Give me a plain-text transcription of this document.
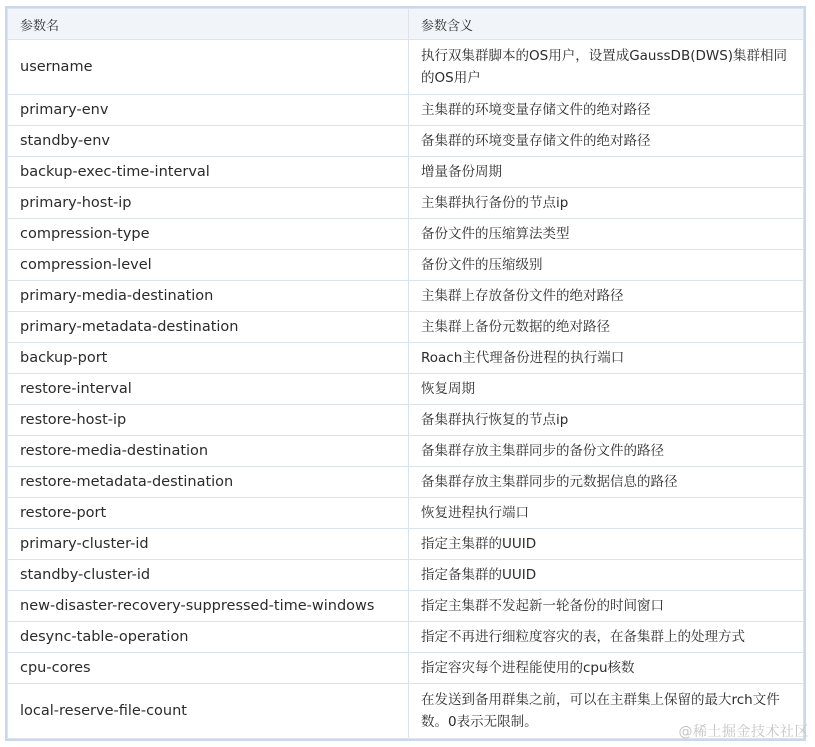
参数名	参数含义
username	执行双集群脚本的OS用户，设置成GaussDB(DWS)集群相同的OS用户
primary-env	主集群的环境变量存储文件的绝对路径
standby-env	备集群的环境变量存储文件的绝对路径
backup-exec-time-interval	增量备份周期
primary-host-ip	主集群执行备份的节点ip
compression-type	备份文件的压缩算法类型
compression-level	备份文件的压缩级别
primary-media-destination	主集群上存放备份文件的绝对路径
primary-metadata-destination	主集群上备份元数据的绝对路径
backup-port	Roach主代理备份进程的执行端口
restore-interval	恢复周期
restore-host-ip	备集群执行恢复的节点ip
restore-media-destination	备集群存放主集群同步的备份文件的路径
restore-metadata-destination	备集群存放主集群同步的元数据信息的路径
restore-port	恢复进程执行端口
primary-cluster-id	指定主集群的UUID
standby-cluster-id	指定备集群的UUID
new-disaster-recovery-suppressed-time-windows	指定主集群不发起新一轮备份的时间窗口
desync-table-operation	指定不再进行细粒度容灾的表，在备集群上的处理方式
cpu-cores	指定容灾每个进程能使用的cpu核数
local-reserve-file-count	在发送到备用群集之前，可以在主群集上保留的最大rch文件数。0表示无限制。
@稀土掘金技术社区
